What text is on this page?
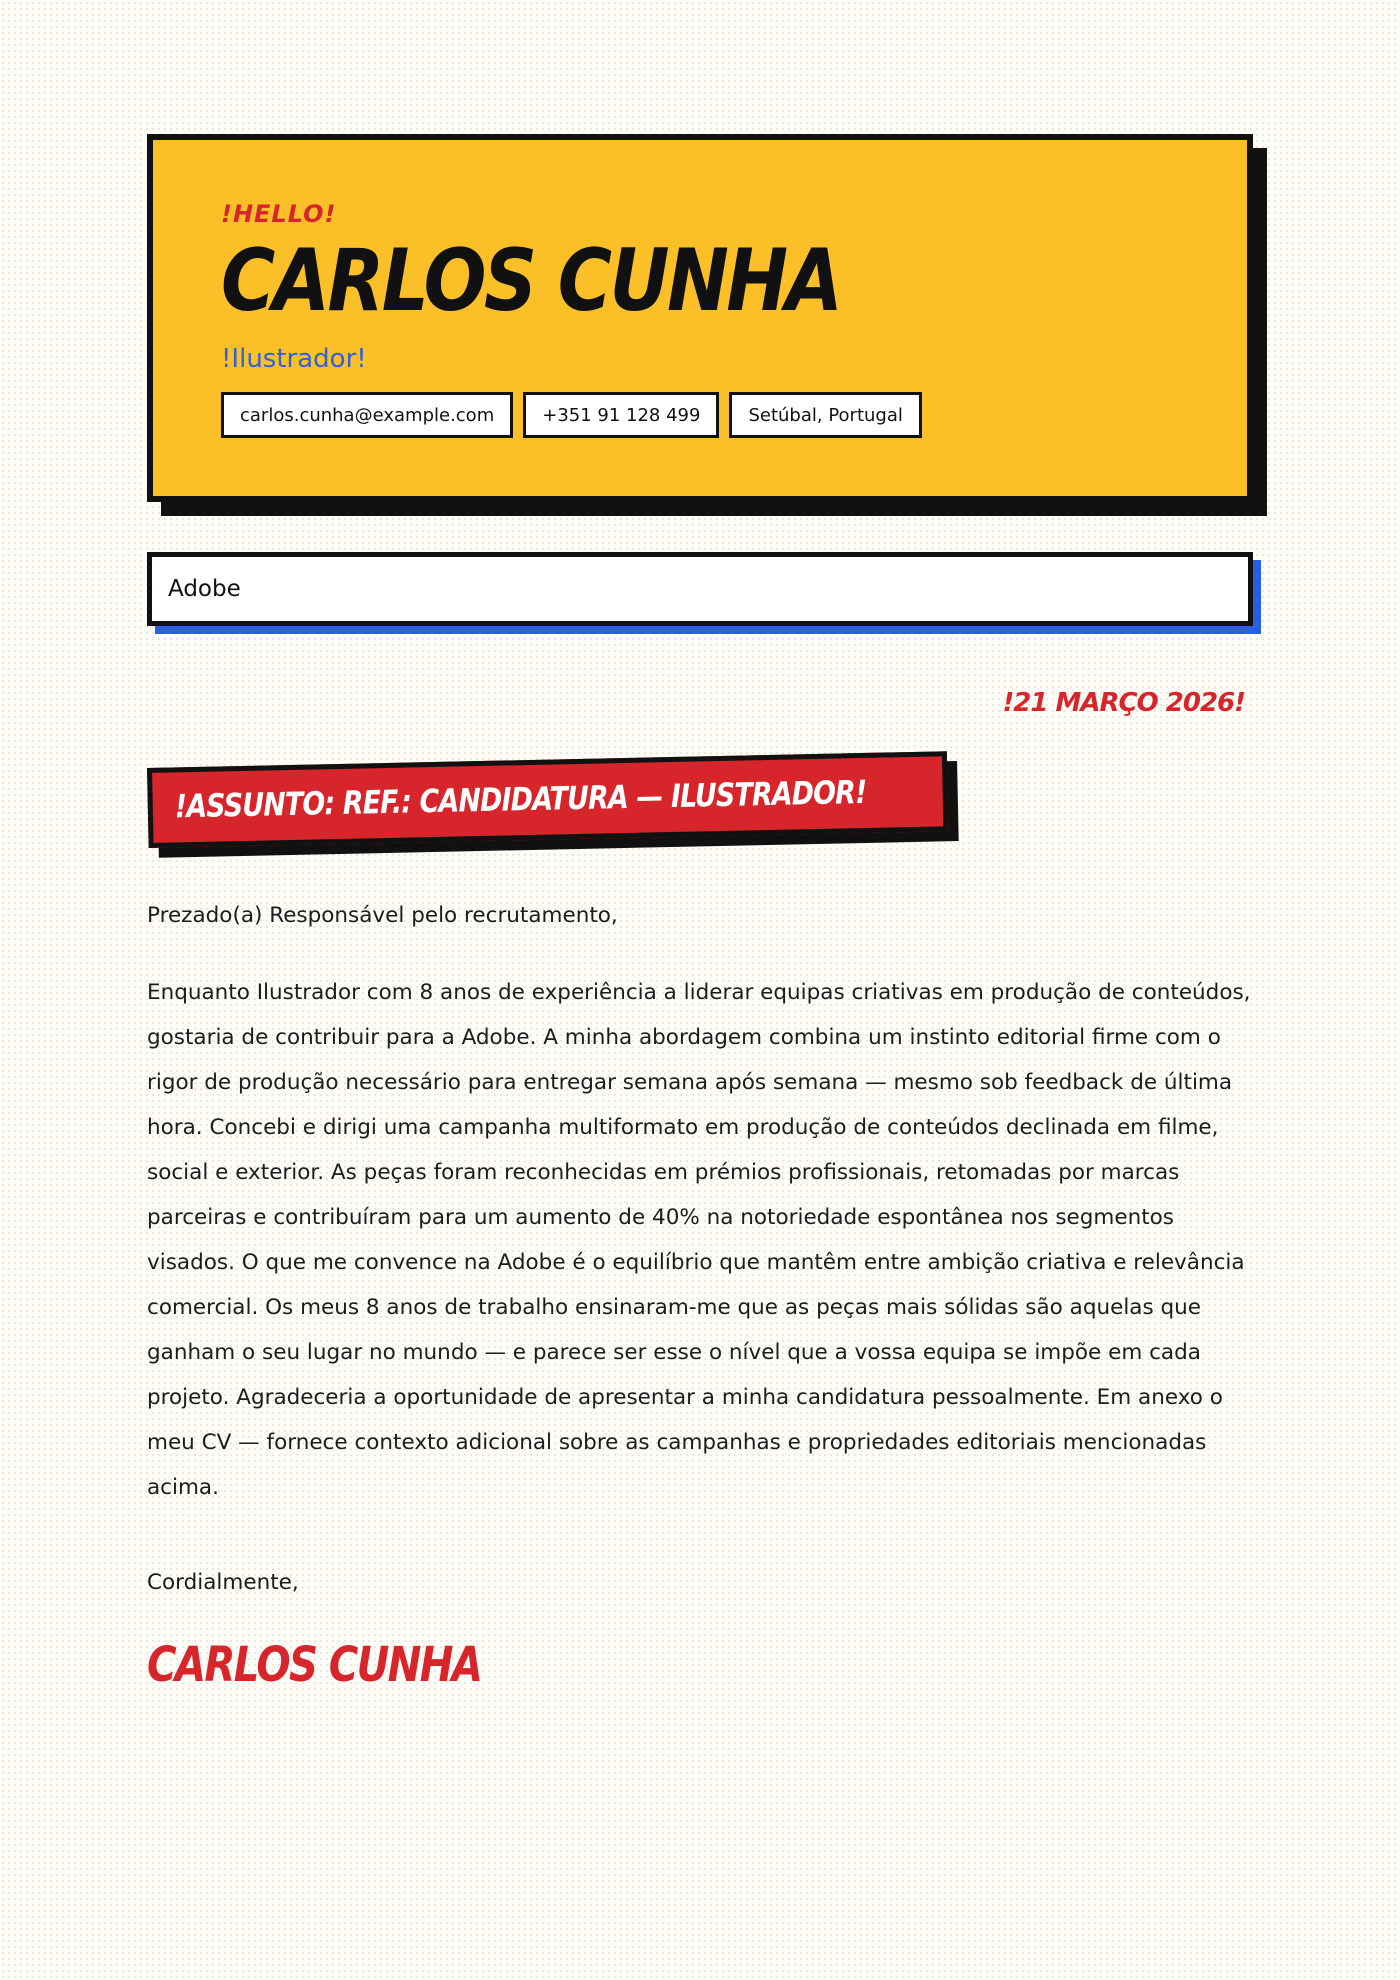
!HELLO!
CARLOS CUNHA
!Ilustrador!
carlos.cunha@example.com	+351 91 128 499	Setúbal, Portugal
Adobe
!21 MARÇO 2026!
!ASSUNTO: REF.: CANDIDATURA — ILUSTRADOR!

Prezado(a) Responsável pelo recrutamento,

Enquanto Ilustrador com 8 anos de experiência a liderar equipas criativas em produção de conteúdos, gostaria de contribuir para a Adobe. A minha abordagem combina um instinto editorial firme com o rigor de produção necessário para entregar semana após semana — mesmo sob feedback de última hora. Concebi e dirigi uma campanha multiformato em produção de conteúdos declinada em filme, social e exterior. As peças foram reconhecidas em prémios profissionais, retomadas por marcas parceiras e contribuíram para um aumento de 40% na notoriedade espontânea nos segmentos visados. O que me convence na Adobe é o equilíbrio que mantêm entre ambição criativa e relevância comercial. Os meus 8 anos de trabalho ensinaram-me que as peças mais sólidas são aquelas que ganham o seu lugar no mundo — e parece ser esse o nível que a vossa equipa se impõe em cada projeto. Agradeceria a oportunidade de apresentar a minha candidatura pessoalmente. Em anexo o meu CV — fornece contexto adicional sobre as campanhas e propriedades editoriais mencionadas acima.

Cordialmente,

CARLOS CUNHA
